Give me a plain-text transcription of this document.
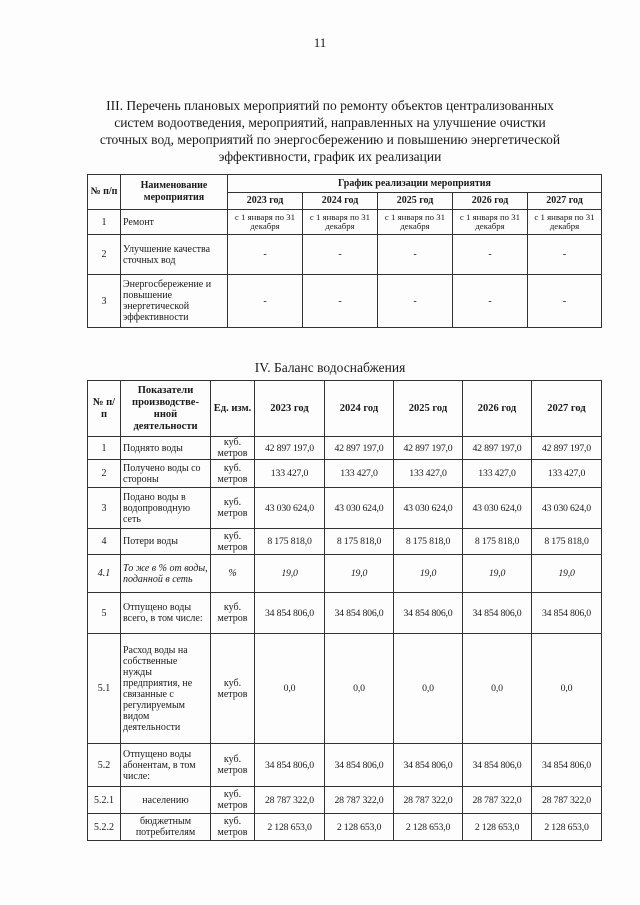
11
III. Перечень плановых мероприятий по ремонту объектов централизованных систем водоотведения, мероприятий, направленных на улучшение очистки сточных вод, мероприятий по энергосбережению и повышению энергетической эффективности, график их реализации
№ п/п	Наименование мероприятия	График реализации мероприятия				
		2023 год	2024 год	2025 год	2026 год	2027 год
1	Ремонт	с 1 января по 31 декабря	с 1 января по 31 декабря	с 1 января по 31 декабря	с 1 января по 31 декабря	с 1 января по 31 декабря
2	Улучшение качества сточных вод	-	-	-	-	-
3	Энергосбережение и повышение энергетической эффективности	-	-	-	-	-
IV. Баланс водоснабжения
№ п/п	Показатели производстве-нной деятельности	Ед. изм.	2023 год	2024 год	2025 год	2026 год	2027 год
1	Поднято воды	куб. метров	42 897 197,0	42 897 197,0	42 897 197,0	42 897 197,0	42 897 197,0
2	Получено воды со стороны	куб. метров	133 427,0	133 427,0	133 427,0	133 427,0	133 427,0
3	Подано воды в водопроводную сеть	куб. метров	43 030 624,0	43 030 624,0	43 030 624,0	43 030 624,0	43 030 624,0
4	Потери воды	куб. метров	8 175 818,0	8 175 818,0	8 175 818,0	8 175 818,0	8 175 818,0
4.1	То же в % от воды, поданной в сеть	%	19,0	19,0	19,0	19,0	19,0
5	Отпущено воды всего, в том числе:	куб. метров	34 854 806,0	34 854 806,0	34 854 806,0	34 854 806,0	34 854 806,0
5.1	Расход воды на собственные нужды предприятия, не связанные с регулируемым видом деятельности	куб. метров	0,0	0,0	0,0	0,0	0,0
5.2	Отпущено воды абонентам, в том числе:	куб. метров	34 854 806,0	34 854 806,0	34 854 806,0	34 854 806,0	34 854 806,0
5.2.1	населению	куб. метров	28 787 322,0	28 787 322,0	28 787 322,0	28 787 322,0	28 787 322,0
5.2.2	бюджетным потребителям	куб. метров	2 128 653,0	2 128 653,0	2 128 653,0	2 128 653,0	2 128 653,0
